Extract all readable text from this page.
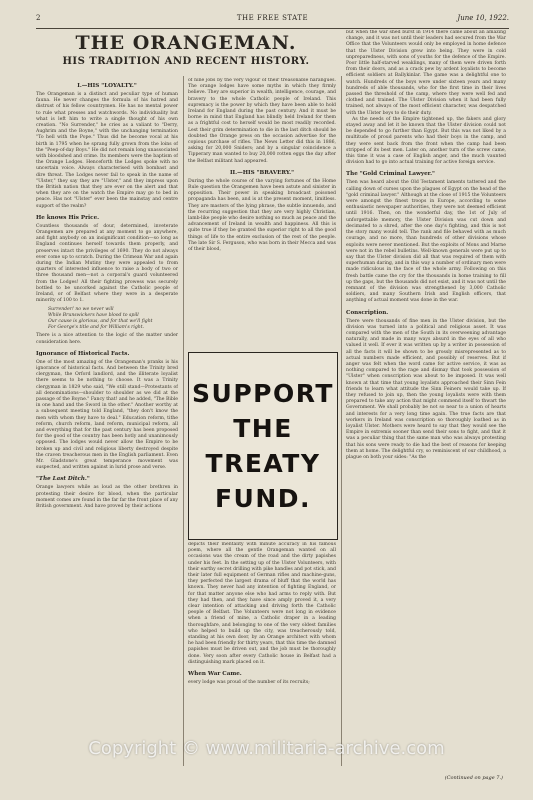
2	THE FREE STATE	June 10, 1922.
THE ORANGEMAN.
HIS TRADITION AND RECENT HISTORY.
I.—HIS "LOYALTY."

The Orangeman is a distinct and peculiar type of human fauna. He never changes the formula of his hatred and distrust of his fellow countrymen. He has no mental power to rule what presses and watchwords. No individuality but what is left him to write a single thought of his own creation. "No Surrender," he cries as a valiant to "Derry, Aughrim and the Boyne," with the unchanging termination "To hell with the Pope." Thus did he become vocal at his birth in 1795 when he sprang fully grown from the loins of the "Peep-of-day Boys." He did not remain long unassociated with bloodshed and crime. Its members were the baptism of the Orange Lodges. Henceforth the Lodges spoke with no uncertain voice. Always characterised with bombast and dire threat. The Lodges never fail to speak in the name of "Ulster," they say they are "Ulster," and they impress upon the British nation that they are ever on the alert and that when they are on the watch the Empire may go to bed in peace. Has not "Ulster" ever been the mainstay and centre support of the realm?

He knows His Price.

Countless thousands of dour, determined, inveterate Orangemen are prepared at any moment to go anywhere, and fight anybody on an insignificant condition—so long as England continues herself towards them properly, and preserves intact the privileges of 1690. They do not always ever come up to scratch. During the Crimean War and again during the Indian Mutiny they were appealed to from quarters of interested influence to raise a body of two or three thousand men—not a corporal's guard volunteered from the Lodges! All their fighting prowess was securely bottled to be uncorked against the Catholic people of Ireland, or of Belfast where they were in a desperate minority of 100 to 1.

Surrender! no we never will
While Brunswickers have blood to spill
Our cause is glorious, and for that we'll fight
For George's title and for William's right.

There is a nice attention to the logic of the matter under consideration here.

Ignorance of Historical Facts.

One of the most amazing of the Orangeman's pranks is his ignorance of historical facts. And between the Trinity bred clergyman, the Orford landlord, and the illiterate loyalist there seems to be nothing to choose. It was a Trinity clergyman in 1829 who said, "We still stand—Protestants of all denominations—shoulder to shoulder as we did at the passage of the Boyne." Fancy that! and he added, "The Bible in one hand and the Sword in the other." Another worthy at a subsequent meeting told England, "they don't know the men with whom they have to deal." Education reform, tithe reform, church reform, land reform, municipal reform, all and everything that for the past century has been proposed for the good of the country has been hotly and unanimously opposed. The lodges would never allow the Empire to be broken up and civil and religious liberty destroyed despite the craven treacherous men in the English parliament. Even Mr. Gladstone's great temperance movement was suspected, and written against in lurid prose and verse.

"The Last Ditch."

Orange lawyers while as loud as the other brethren in protesting their desire for blood, when the particular moment comes are found in the far far the front place of any British government. And have proved by their actions

of nine jobs by the very vigour of their treasonable harangues. The orange lodges have some myths in which they firmly believe. They are superior in wealth, intelligence, courage, and bravery to the whole Catholic people of Ireland. This supremacy is the power by which they have been able to hold Ireland for England during the past century. And it must be borne in mind that England has blindly held Ireland for them as a frightful cost to herself would be most readily recorded. Lest their grim determination to die in the last ditch should be doubted the Orange press on the occasion advertise for the copious purchase of rifles. The News Letter did this in 1886, asking for 20,000 Sniders; and by a singular coincidence a Tipperary man wanted to buy 20,000 rotten eggs the day after the Belfast militant had appeared.

II.—HIS "BRAVERY."

During the whole course of the varying fortunes of the Home Rule question the Orangemen have been astute and sinister in opposition. Their power in speaking broadcast poisoned propaganda has been, and is at the present moment, limitless. They are masters of the lying phrase, the subtle innuendo, and the recurring suggestion that they are very highly Christian, lamb-like people who desire nothing so much as peace and the advancement of Ireland in wealth and happiness. All this is quite true if they be granted the superior right to all the good things of life to the entire exclusion of the rest of the people. The late Sir S. Ferguson, who was born in their Mecca and was of their blood,

SUPPORT
THE
TREATY
FUND.

depicts their mentality with minute accuracy in his famous poem, where all the gentle Orangeman wanted on all occasions was the cream of the road and the dirty papishes under his feet. In the setting up of the Ulster Volunteers, with their earthy secret drilling with pike handles and pot stick, and their later full equipment of German rifles and machine-guns, they perfected the largest drama of bluff that the world has known. They never had any intention of fighting England, or for that matter anyone else who had arms to reply with. But they had then, and they have since amply proved it, a very clear intention of attacking and driving forth the Catholic people of Belfast. The Volunteers were not long in evidence when a friend of mine, a Catholic draper in a leading thoroughfare, and belonging to one of the very oldest families who helped to build up the city, was treacherously told, standing at his own door, by an Orange architect with whom he had been friendly for thirty years, that this time the damned papishes must be driven out, and the job must be thoroughly done. Very soon after every Catholic house in Belfast had a distinguishing mark placed on it.

When War Came.

every lodge was proud of the number of its recruits;

but when the war shed burst in 1914 there came about an amazing change, and it was not until their leaders had secured from the War Office that the Volunteers would only be employed in home defence that the Ulster Division grew into being. They were in cold unpreparedness, with sons of youths for the defence of the Empire. Poor little half-starved weaklings, many of them were driven forth from their doors, and as a crack pew by ardent loyalists to become efficient soldiers at Ballykinlar. The game was a delightful one to watch. Hundreds of the boys were under sixteen years and many hundreds of able thousands, who for the first time in their lives passed the threshold of the camp, where they were well fed and clothed and trained. The Ulster Division when it had been fully trained, not always of the most efficient character, was despatched with the Ulster boys to do their duty.

As the needs of the Empire tightened up, the fakers and glory stayed away and let it be known that the Ulster division could not be depended to go further than Egypt. But this was not liked by a multitude of proud parents who had their boys in the camp, and they were sent back from the front when the camp had been stripped of its best men. Later on, another turn of the screw came, this time it was a case of English anger, and the much vaunted division had to go into actual training for active foreign service.

The "Gold Criminal Lawyer."

Then was heard about the Old Testament laments tattered and the calling down of curses upon the plagues of Egypt on the head of the "gold criminal lawyer." Although at the close of 1915 the Volunteers were amongst the finest troops in Europe, according to some enthusiastic newspaper authorities, they were not deemed efficient until 1916. Then, on the wonderful day, the 1st of July of unforgettable memory, the Ulster Division was cut down and decimated to a shred, after the one day's fighting, and this is not the story many would tell. The rank and file behaved with as much courage, and no more, than hundreds of other divisions whose exploits were never mentioned. But the exploits of Mons and Marne were not in the rebel bulletins. Well-known generals were put up to say that the Ulster division did all that was required of them with superhuman daring, and in this way a number of ordinary men were made ridiculous in the face of the whole army. Following on this fresh battle came the cry for the thousands in home training to fill up the gaps, but the thousands did not exist, and it was not until the remnant of the division was strengthened by 3,000 Catholic soldiers, and many Southern Irish and English officers, that anything of actual moment was done in the war.

Conscription.

There were thousands of fine men in the Ulster division, but the division was turned into a political and religious asset. It was compared with the men of the South in its overweening advantage naturally, and made in many ways absurd in the eyes of all who valued it well. If ever it was written up by a writer in possession of all the facts it will be shown to be grossly misrepresented as to actual numbers made efficient, and possibly of reserves. But if anger was felt when the word came for active service, it was as nothing compared to the rage and dismay that took possession of "Ulster" when conscription was about to be imposed. It was well known at that time that young loyalists approached their Sinn Fein friends to learn what attitude the Sinn Feiners would take up. If they refused to join up, then the young loyalists were with them prepared to take any action that might commend itself to thwart the Government. We shall probably be not so near to a union of hearts and interests for a very long time again. The true facts are that workers in Ireland was conscription so thoroughly loathed as in loyalist Ulster. Mothers were heard to say that they would see the Empire in extremis sooner than send their sons to fight, and that it was a peculiar thing that the same man who was always protesting that his sons were ready to die had the best of reasons for keeping them at home. The delightful cry, so reminiscent of our childhood, a plague on both your sides: "As the

(Continued on page 7.)
Copyright © www.militaria-archive.com
